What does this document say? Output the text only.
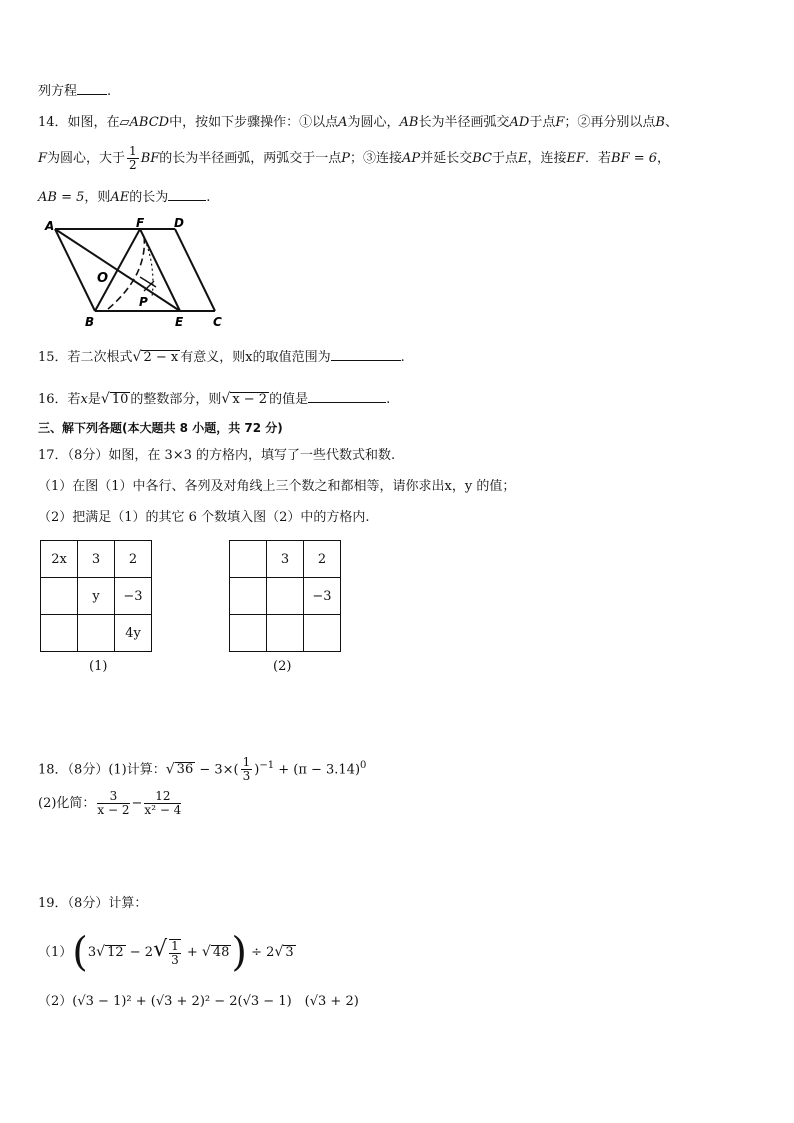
列方程 .
14．如图，在▱ABCD中，按如下步骤操作：①以点A为圆心，AB长为半径画弧交AD于点F；②再分别以点B、
F为圆心，大于 $\frac{1}{2}$ BF的长为半径画弧，两弧交于一点P；③连接AP并延长交BC于点E，连接EF．若BF = 6，
AB = 5，则AE的长为	.
A	F D
O
P
B	E C
15．若二次根式√ 2 − x 有意义，则x的取值范围为	.
16．若x是√ 10 的整数部分，则√ x − 2 的值是	.
三、解下列各题(本大题共 8 小题，共 72 分)
17．（8分）如图，在 3×3 的方格内，填写了一些代数式和数.
（1）在图（1）中各行、各列及对角线上三个数之和都相等，请你求出x，y 的值；
（2）把满足（1）的其它 6 个数填入图（2）中的方格内.
2x	3	2
	y	−3
		4y
(1)
	3	2
		−3

(2)
18．（8分）(1)计算：√ $36 - 3\times( \frac{1}{3} )^{-1} + (\pi - 3.14)^0$
(2)化简： $\frac{3}{x - 2} - \frac{12}{\text{x² − 4}}$
19．（8分）计算：
（1）(3√ $12 - 2√ \frac{1}{3}$ + √ 48) ÷ 2√ 3
（2）(√3 − 1)² + (√3 + 2)² − 2(√3 − 1)　(√3 + 2)
